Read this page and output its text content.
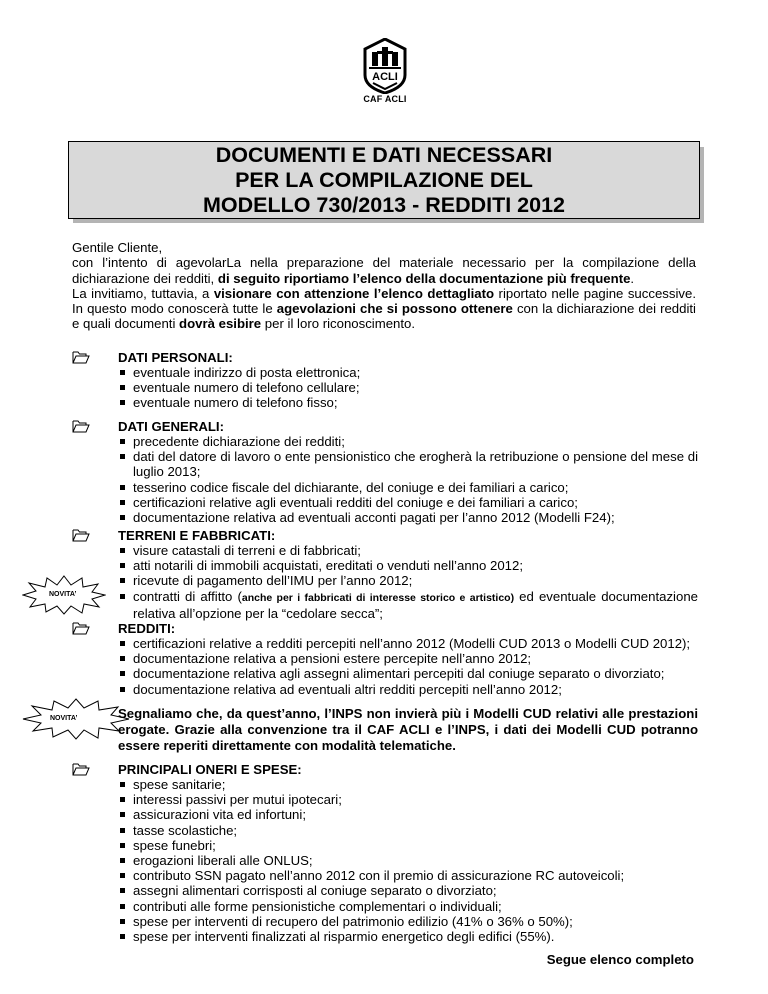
ACLI
CAF ACLI
DOCUMENTI E DATI NECESSARI
PER LA COMPILAZIONE DEL
MODELLO 730/2013 - REDDITI 2012

Gentile Cliente,

con l’intento di agevolarLa nella preparazione del materiale necessario per la compilazione della dichiarazione dei redditi, di seguito riportiamo l’elenco della documentazione più frequente.

La invitiamo, tuttavia, a visionare con attenzione l’elenco dettagliato riportato nelle pagine successive. In questo modo conoscerà tutte le agevolazioni che si possono ottenere con la dichiarazione dei redditi e quali documenti dovrà esibire per il loro riconoscimento.

DATI PERSONALI:
eventuale indirizzo di posta elettronica;
eventuale numero di telefono cellulare;
eventuale numero di telefono fisso;
DATI GENERALI:
precedente dichiarazione dei redditi;
dati del datore di lavoro o ente pensionistico che erogherà la retribuzione o pensione del mese di luglio 2013;
tesserino codice fiscale del dichiarante, del coniuge e dei familiari a carico;
certificazioni relative agli eventuali redditi del coniuge e dei familiari a carico;
documentazione relativa ad eventuali acconti pagati per l’anno 2012 (Modelli F24);
TERRENI E FABBRICATI:
visure catastali di terreni e di fabbricati;
atti notarili di immobili acquistati, ereditati o venduti nell’anno 2012;
ricevute di pagamento dell’IMU per l’anno 2012;
contratti di affitto (anche per i fabbricati di interesse storico e artistico) ed eventuale documentazione relativa all’opzione per la “cedolare secca”;
NOVITA’
REDDITI:
certificazioni relative a redditi percepiti nell’anno 2012 (Modelli CUD 2013 o Modelli CUD 2012);
documentazione relativa a pensioni estere percepite nell’anno 2012;
documentazione relativa agli assegni alimentari percepiti dal coniuge separato o divorziato;
documentazione relativa ad eventuali altri redditi percepiti nell’anno 2012;
NOVITA’	Segnaliamo che, da quest’anno, l’INPS non invierà più i Modelli CUD relativi alle prestazioni erogate. Grazie alla convenzione tra il CAF ACLI e l’INPS, i dati dei Modelli CUD potranno essere reperiti direttamente con modalità telematiche.
PRINCIPALI ONERI E SPESE:
spese sanitarie;
interessi passivi per mutui ipotecari;
assicurazioni vita ed infortuni;
tasse scolastiche;
spese funebri;
erogazioni liberali alle ONLUS;
contributo SSN pagato nell’anno 2012 con il premio di assicurazione RC autoveicoli;
assegni alimentari corrisposti al coniuge separato o divorziato;
contributi alle forme pensionistiche complementari o individuali;
spese per interventi di recupero del patrimonio edilizio (41% o 36% o 50%);
spese per interventi finalizzati al risparmio energetico degli edifici (55%).
Segue elenco completo
